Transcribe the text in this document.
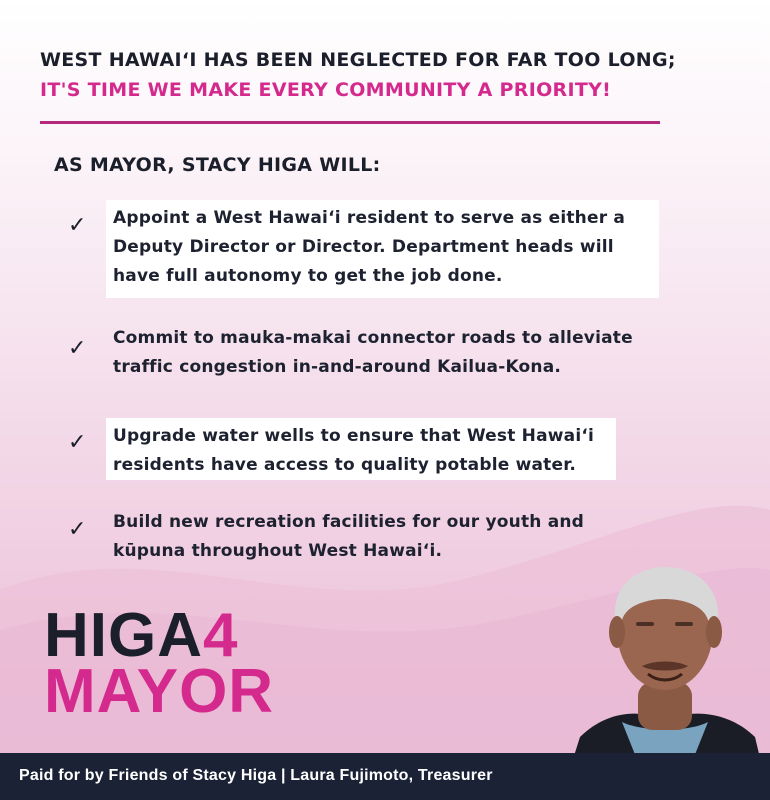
WEST HAWAI‘I HAS BEEN NEGLECTED FOR FAR TOO LONG;
IT'S TIME WE MAKE EVERY COMMUNITY A PRIORITY!
AS MAYOR, STACY HIGA WILL:
✓ Appoint a West Hawai‘i resident to serve as either a
Deputy Director or Director. Department heads will
have full autonomy to get the job done.
✓ Commit to mauka-makai connector roads to alleviate
traffic congestion in-and-around Kailua-Kona.
✓ Upgrade water wells to ensure that West Hawai‘i
residents have access to quality potable water.
✓ Build new recreation facilities for our youth and
kūpuna throughout West Hawai‘i.
HIGA4
MAYOR
Paid for by Friends of Stacy Higa | Laura Fujimoto, Treasurer
